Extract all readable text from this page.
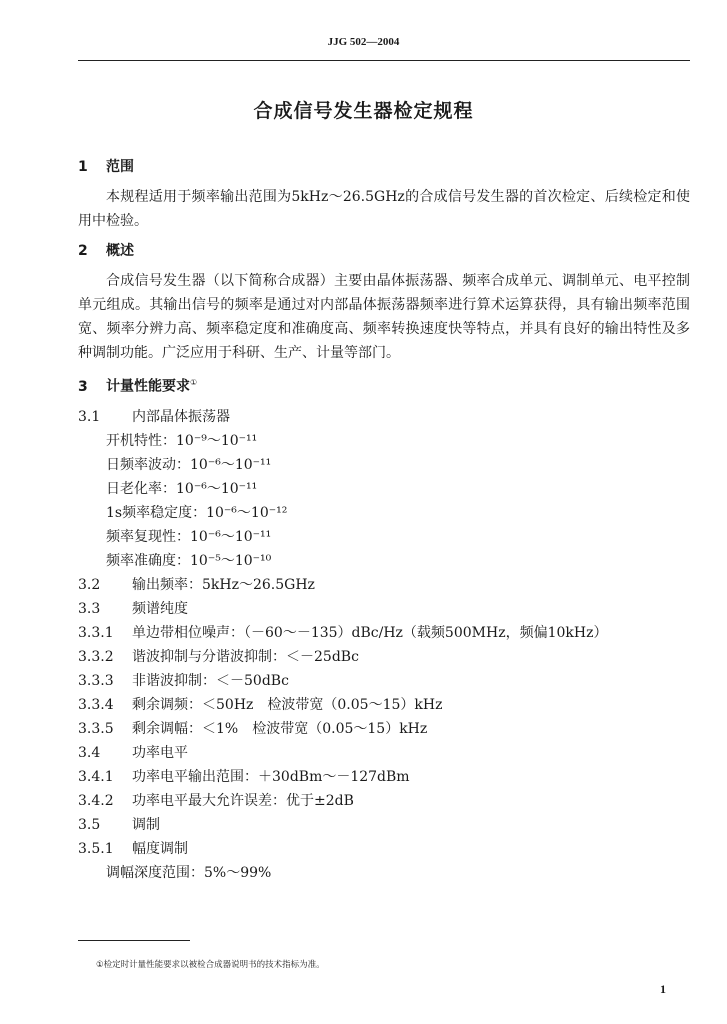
JJG 502—2004
合成信号发生器检定规程
1 范围

本规程适用于频率输出范围为5kHz～26.5GHz的合成信号发生器的首次检定、后续检定和使用中检验。

2 概述

合成信号发生器（以下简称合成器）主要由晶体振荡器、频率合成单元、调制单元、电平控制单元组成。其输出信号的频率是通过对内部晶体振荡器频率进行算术运算获得，具有输出频率范围宽、频率分辨力高、频率稳定度和准确度高、频率转换速度快等特点，并具有良好的输出特性及多种调制功能。广泛应用于科研、生产、计量等部门。

3 计量性能要求①
3.1 内部晶体振荡器
开机特性：10⁻⁹～10⁻¹¹
日频率波动：10⁻⁶～10⁻¹¹
日老化率：10⁻⁶～10⁻¹¹
1s频率稳定度：10⁻⁶～10⁻¹²
频率复现性：10⁻⁶～10⁻¹¹
频率准确度：10⁻⁵～10⁻¹⁰
3.2 输出频率：5kHz～26.5GHz
3.3 频谱纯度
3.3.1 单边带相位噪声：（－60～－135）dBc/Hz（载频500MHz，频偏10kHz）
3.3.2 谐波抑制与分谐波抑制：＜－25dBc
3.3.3 非谐波抑制：＜－50dBc
3.3.4 剩余调频：＜50Hz　检波带宽（0.05～15）kHz
3.3.5 剩余调幅：＜1%　检波带宽（0.05～15）kHz
3.4 功率电平
3.4.1 功率电平输出范围：＋30dBm～－127dBm
3.4.2 功率电平最大允许误差：优于±2dB
3.5 调制
3.5.1 幅度调制
调幅深度范围：5%～99%
①检定时计量性能要求以被检合成器说明书的技术指标为准。
1
